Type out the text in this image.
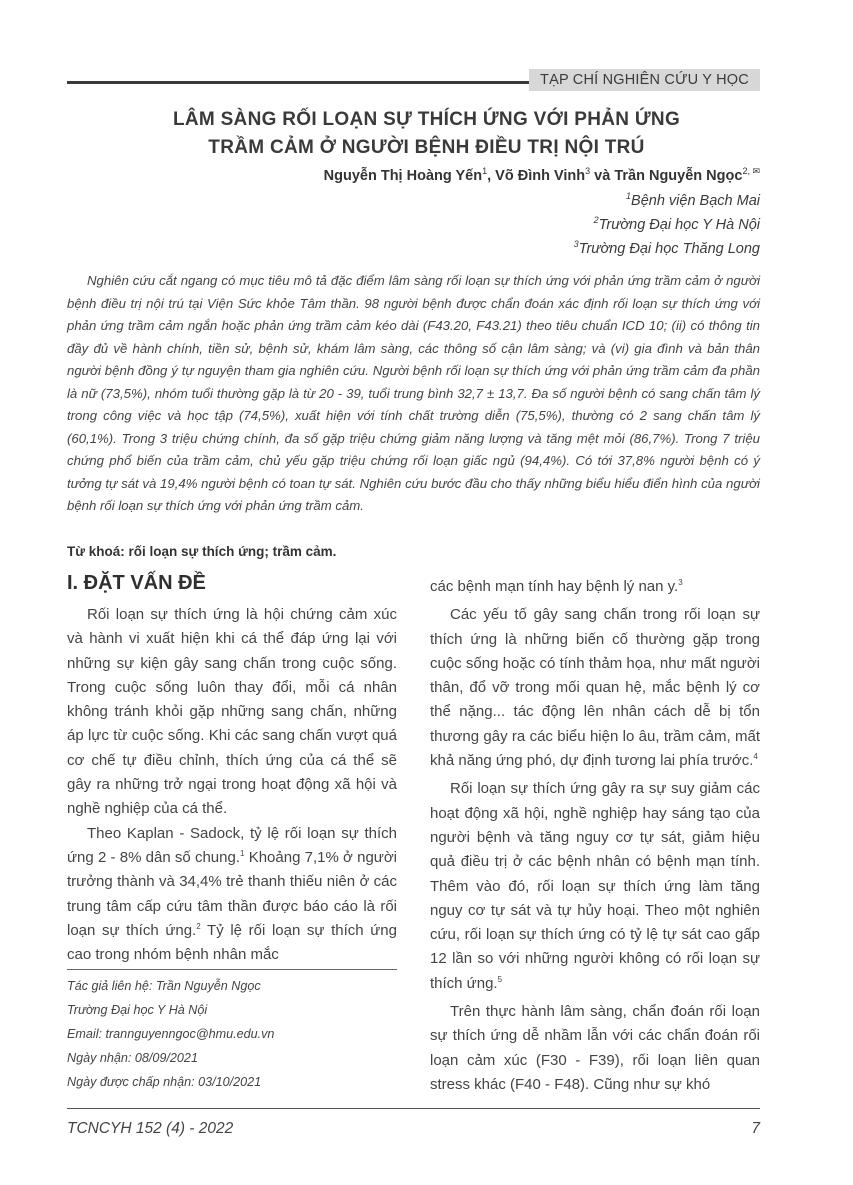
TẠP CHÍ NGHIÊN CỨU Y HỌC
LÂM SÀNG RỐI LOẠN SỰ THÍCH ỨNG VỚI PHẢN ỨNG
TRẦM CẢM Ở NGƯỜI BỆNH ĐIỀU TRỊ NỘI TRÚ
Nguyễn Thị Hoàng Yến$^1$, Võ Đình Vinh$^3$ và Trần Nguyễn Ngọc$^{2, ✉}$
$^1$Bệnh viện Bạch Mai
$^2$Trường Đại học Y Hà Nội
$^3$Trường Đại học Thăng Long

Nghiên cứu cắt ngang có mục tiêu mô tả đặc điểm lâm sàng rối loạn sự thích ứng với phản ứng trầm cảm ở người bệnh điều trị nội trú tại Viện Sức khỏe Tâm thần. 98 người bệnh được chẩn đoán xác định rối loạn sự thích ứng với phản ứng trầm cảm ngắn hoặc phản ứng trầm cảm kéo dài (F43.20, F43.21) theo tiêu chuẩn ICD 10; (ii) có thông tin đầy đủ về hành chính, tiền sử, bệnh sử, khám lâm sàng, các thông số cận lâm sàng; và (vi) gia đình và bản thân người bệnh đồng ý tự nguyện tham gia nghiên cứu. Người bệnh rối loạn sự thích ứng với phản ứng trầm cảm đa phần là nữ (73,5%), nhóm tuổi thường gặp là từ 20 - 39, tuổi trung bình 32,7 ± 13,7. Đa số người bệnh có sang chấn tâm lý trong công việc và học tập (74,5%), xuất hiện với tính chất trường diễn (75,5%), thường có 2 sang chấn tâm lý (60,1%). Trong 3 triệu chứng chính, đa số gặp triệu chứng giảm năng lượng và tăng mệt mỏi (86,7%). Trong 7 triệu chứng phổ biến của trầm cảm, chủ yếu gặp triệu chứng rối loạn giấc ngủ (94,4%). Có tới 37,8% người bệnh có ý tưởng tự sát và 19,4% người bệnh có toan tự sát. Nghiên cứu bước đầu cho thấy những biểu hiểu điển hình của người bệnh rối loạn sự thích ứng với phản ứng trầm cảm.

Từ khoá: rối loạn sự thích ứng; trầm cảm.
I. ĐẶT VẤN ĐỀ

Rối loạn sự thích ứng là hội chứng cảm xúc và hành vi xuất hiện khi cá thể đáp ứng lại với những sự kiện gây sang chấn trong cuộc sống. Trong cuộc sống luôn thay đổi, mỗi cá nhân không tránh khỏi gặp những sang chấn, những áp lực từ cuộc sống. Khi các sang chấn vượt quá cơ chế tự điều chỉnh, thích ứng của cá thể sẽ gây ra những trở ngại trong hoạt động xã hội và nghề nghiệp của cá thể.

Theo Kaplan - Sadock, tỷ lệ rối loạn sự thích ứng 2 - 8% dân số chung.$^1$ Khoảng 7,1% ở người trưởng thành và 34,4% trẻ thanh thiếu niên ở các trung tâm cấp cứu tâm thần được báo cáo là rối loạn sự thích ứng.$^2$ Tỷ lệ rối loạn sự thích ứng cao trong nhóm bệnh nhân mắc

các bệnh mạn tính hay bệnh lý nan y.$^3$

Các yếu tố gây sang chấn trong rối loạn sự thích ứng là những biến cố thường gặp trong cuộc sống hoặc có tính thảm họa, như mất người thân, đổ vỡ trong mối quan hệ, mắc bệnh lý cơ thể nặng... tác động lên nhân cách dễ bị tổn thương gây ra các biểu hiện lo âu, trầm cảm, mất khả năng ứng phó, dự định tương lai phía trước.$^4$

Rối loạn sự thích ứng gây ra sự suy giảm các hoạt động xã hội, nghề nghiệp hay sáng tạo của người bệnh và tăng nguy cơ tự sát, giảm hiệu quả điều trị ở các bệnh nhân có bệnh mạn tính. Thêm vào đó, rối loạn sự thích ứng làm tăng nguy cơ tự sát và tự hủy hoại. Theo một nghiên cứu, rối loạn sự thích ứng có tỷ lệ tự sát cao gấp 12 lần so với những người không có rối loạn sự thích ứng.$^5$

Trên thực hành lâm sàng, chẩn đoán rối loạn sự thích ứng dễ nhầm lẫn với các chẩn đoán rối loạn cảm xúc (F30 - F39), rối loạn liên quan stress khác (F40 - F48). Cũng như sự khó

Tác giả liên hệ: Trần Nguyễn Ngọc
Trường Đại học Y Hà Nội
Email: trannguyenngoc@hmu.edu.vn
Ngày nhận: 08/09/2021
Ngày được chấp nhận: 03/10/2021
TCNCYH 152 (4) - 2022	7
